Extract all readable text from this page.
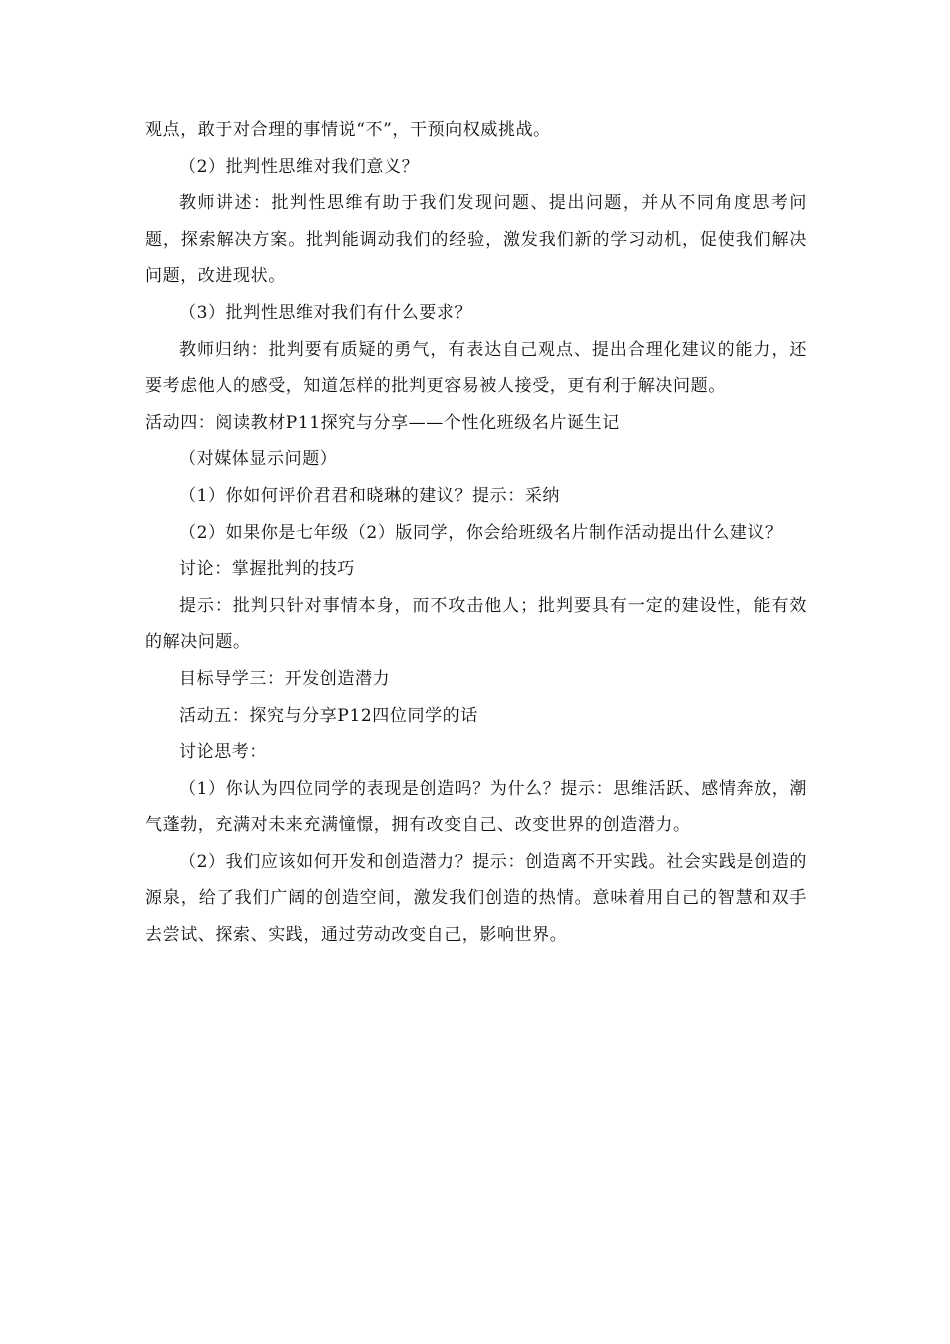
观点，敢于对合理的事情说“不”，干预向权威挑战。

（2）批判性思维对我们意义？

教师讲述：批判性思维有助于我们发现问题、提出问题，并从不同角度思考问题，探索解决方案。批判能调动我们的经验，激发我们新的学习动机，促使我们解决问题，改进现状。

（3）批判性思维对我们有什么要求？

教师归纳：批判要有质疑的勇气，有表达自己观点、提出合理化建议的能力，还要考虑他人的感受，知道怎样的批判更容易被人接受，更有利于解决问题。

活动四：阅读教材P11探究与分享——个性化班级名片诞生记

（对媒体显示问题）

（1）你如何评价君君和晓琳的建议？提示：采纳

（2）如果你是七年级（2）版同学，你会给班级名片制作活动提出什么建议？

讨论：掌握批判的技巧

提示：批判只针对事情本身，而不攻击他人；批判要具有一定的建设性，能有效的解决问题。

目标导学三：开发创造潜力

活动五：探究与分享P12四位同学的话

讨论思考：

（1）你认为四位同学的表现是创造吗？为什么？提示：思维活跃、感情奔放，潮气蓬勃，充满对未来充满憧憬，拥有改变自己、改变世界的创造潜力。

（2）我们应该如何开发和创造潜力？提示：创造离不开实践。社会实践是创造的源泉，给了我们广阔的创造空间，激发我们创造的热情。意味着用自己的智慧和双手去尝试、探索、实践，通过劳动改变自己，影响世界。
